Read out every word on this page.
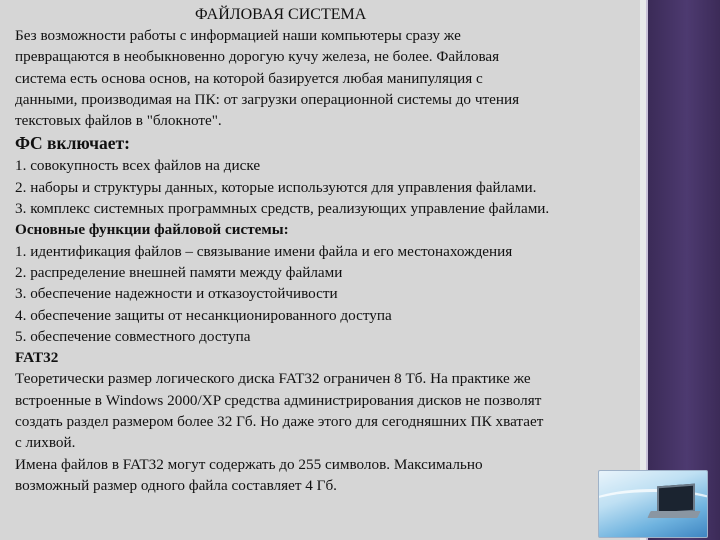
ФАЙЛОВАЯ СИСТЕМА
Без возможности работы с информацией наши компьютеры сразу же
превращаются в необыкновенно дорогую кучу железа, не более. Файловая
система есть основа основ, на которой базируется любая манипуляция с
данными, производимая на ПК: от загрузки операционной системы до чтения
текстовых файлов в "блокноте".
ФС включает:
1. совокупность всех файлов на диске
2. наборы и структуры данных, которые используются для управления файлами.
3. комплекс системных программных средств, реализующих управление файлами.
Основные функции файловой системы:
1. идентификация файлов – связывание имени файла и его местонахождения
2. распределение внешней памяти между файлами
3. обеспечение надежности и отказоустойчивости
4. обеспечение защиты от несанкционированного доступа
5. обеспечение совместного доступа
FAT32
Теоретически размер логического диска FAT32 ограничен 8 Тб. На практике же
встроенные в Windows 2000/XP средства администрирования дисков не позволят
создать раздел размером более 32 Гб. Но даже этого для сегодняшних ПК хватает
с лихвой.
Имена файлов в FAT32 могут содержать до 255 символов. Максимально
возможный размер одного файла составляет 4 Гб.
